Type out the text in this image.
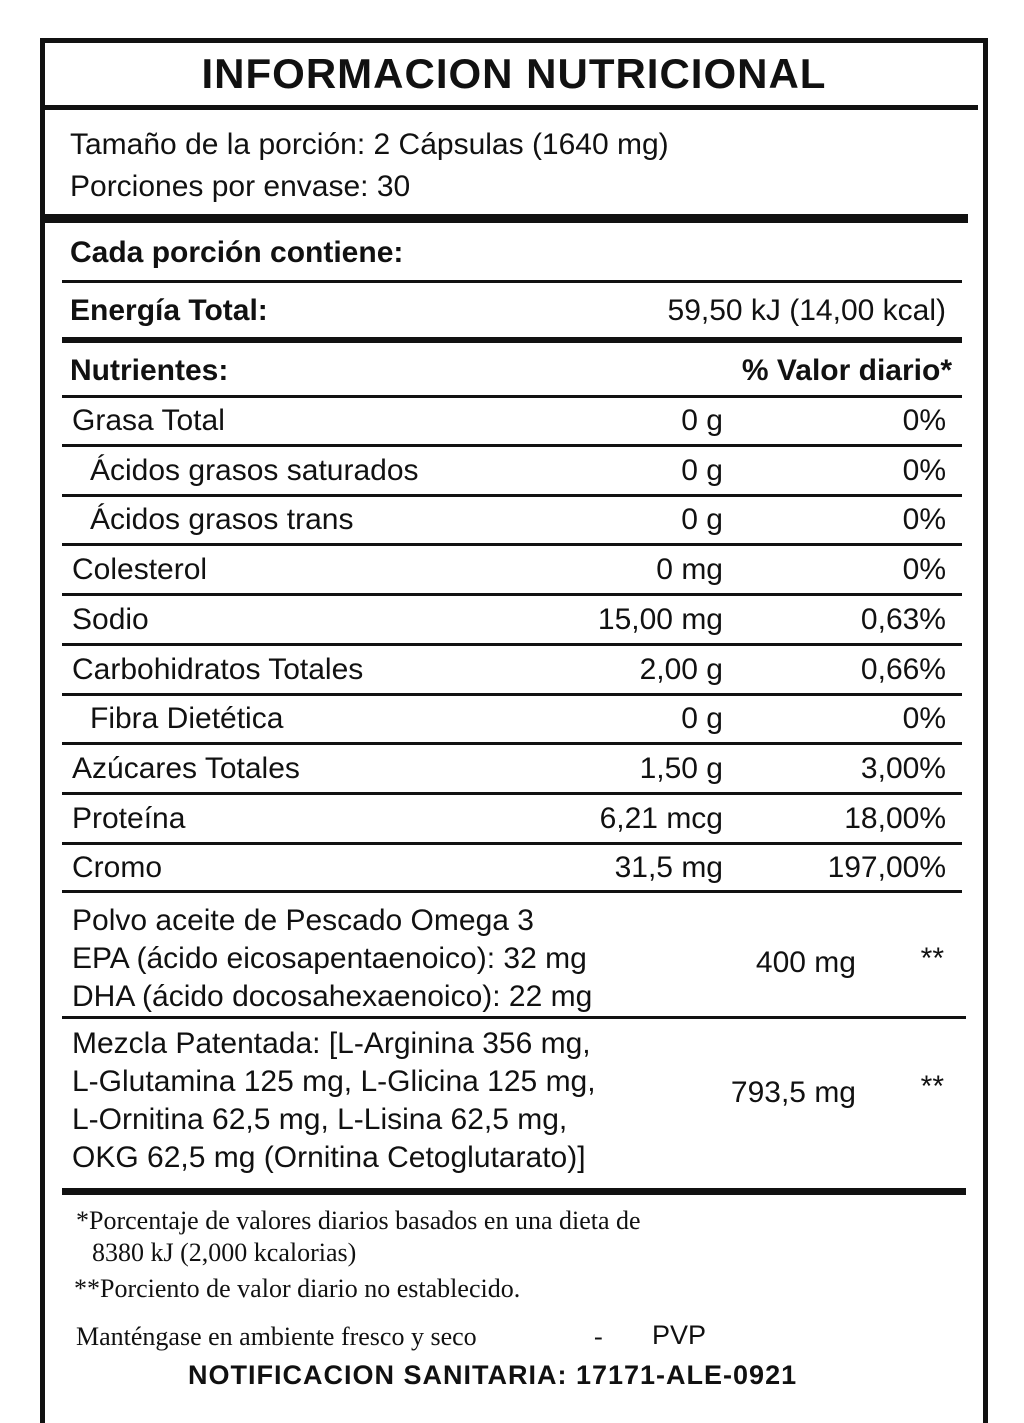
INFORMACION NUTRICIONAL
Tamaño de la porción: 2 Cápsulas (1640 mg)
Porciones por envase: 30
Cada porción contiene:
Energía Total:	59,50 kJ (14,00 kcal)
Nutrientes:	% Valor diario*
Grasa Total	0 g	0%
Ácidos grasos saturados	0 g	0%
Ácidos grasos trans	0 g	0%
Colesterol	0 mg	0%
Sodio	15,00 mg	0,63%
Carbohidratos Totales	2,00 g	0,66%
Fibra Dietética	0 g	0%
Azúcares Totales	1,50 g	3,00%
Proteína	6,21 mcg	18,00%
Cromo	31,5 mg	197,00%
Polvo aceite de Pescado Omega 3
EPA (ácido eicosapentaenoico): 32 mg
DHA (ácido docosahexaenoico): 22 mg
400 mg	**
Mezcla Patentada: [L-Arginina 356 mg,
L-Glutamina 125 mg, L-Glicina 125 mg,
L-Ornitina 62,5 mg, L-Lisina 62,5 mg,
OKG 62,5 mg (Ornitina Cetoglutarato)]
793,5 mg	**
*Porcentaje de valores diarios basados en una dieta de
8380 kJ (2,000 kcalorias)
**Porciento de valor diario no establecido.
Manténgase en ambiente fresco y seco	- PVP
NOTIFICACION SANITARIA: 17171-ALE-0921
